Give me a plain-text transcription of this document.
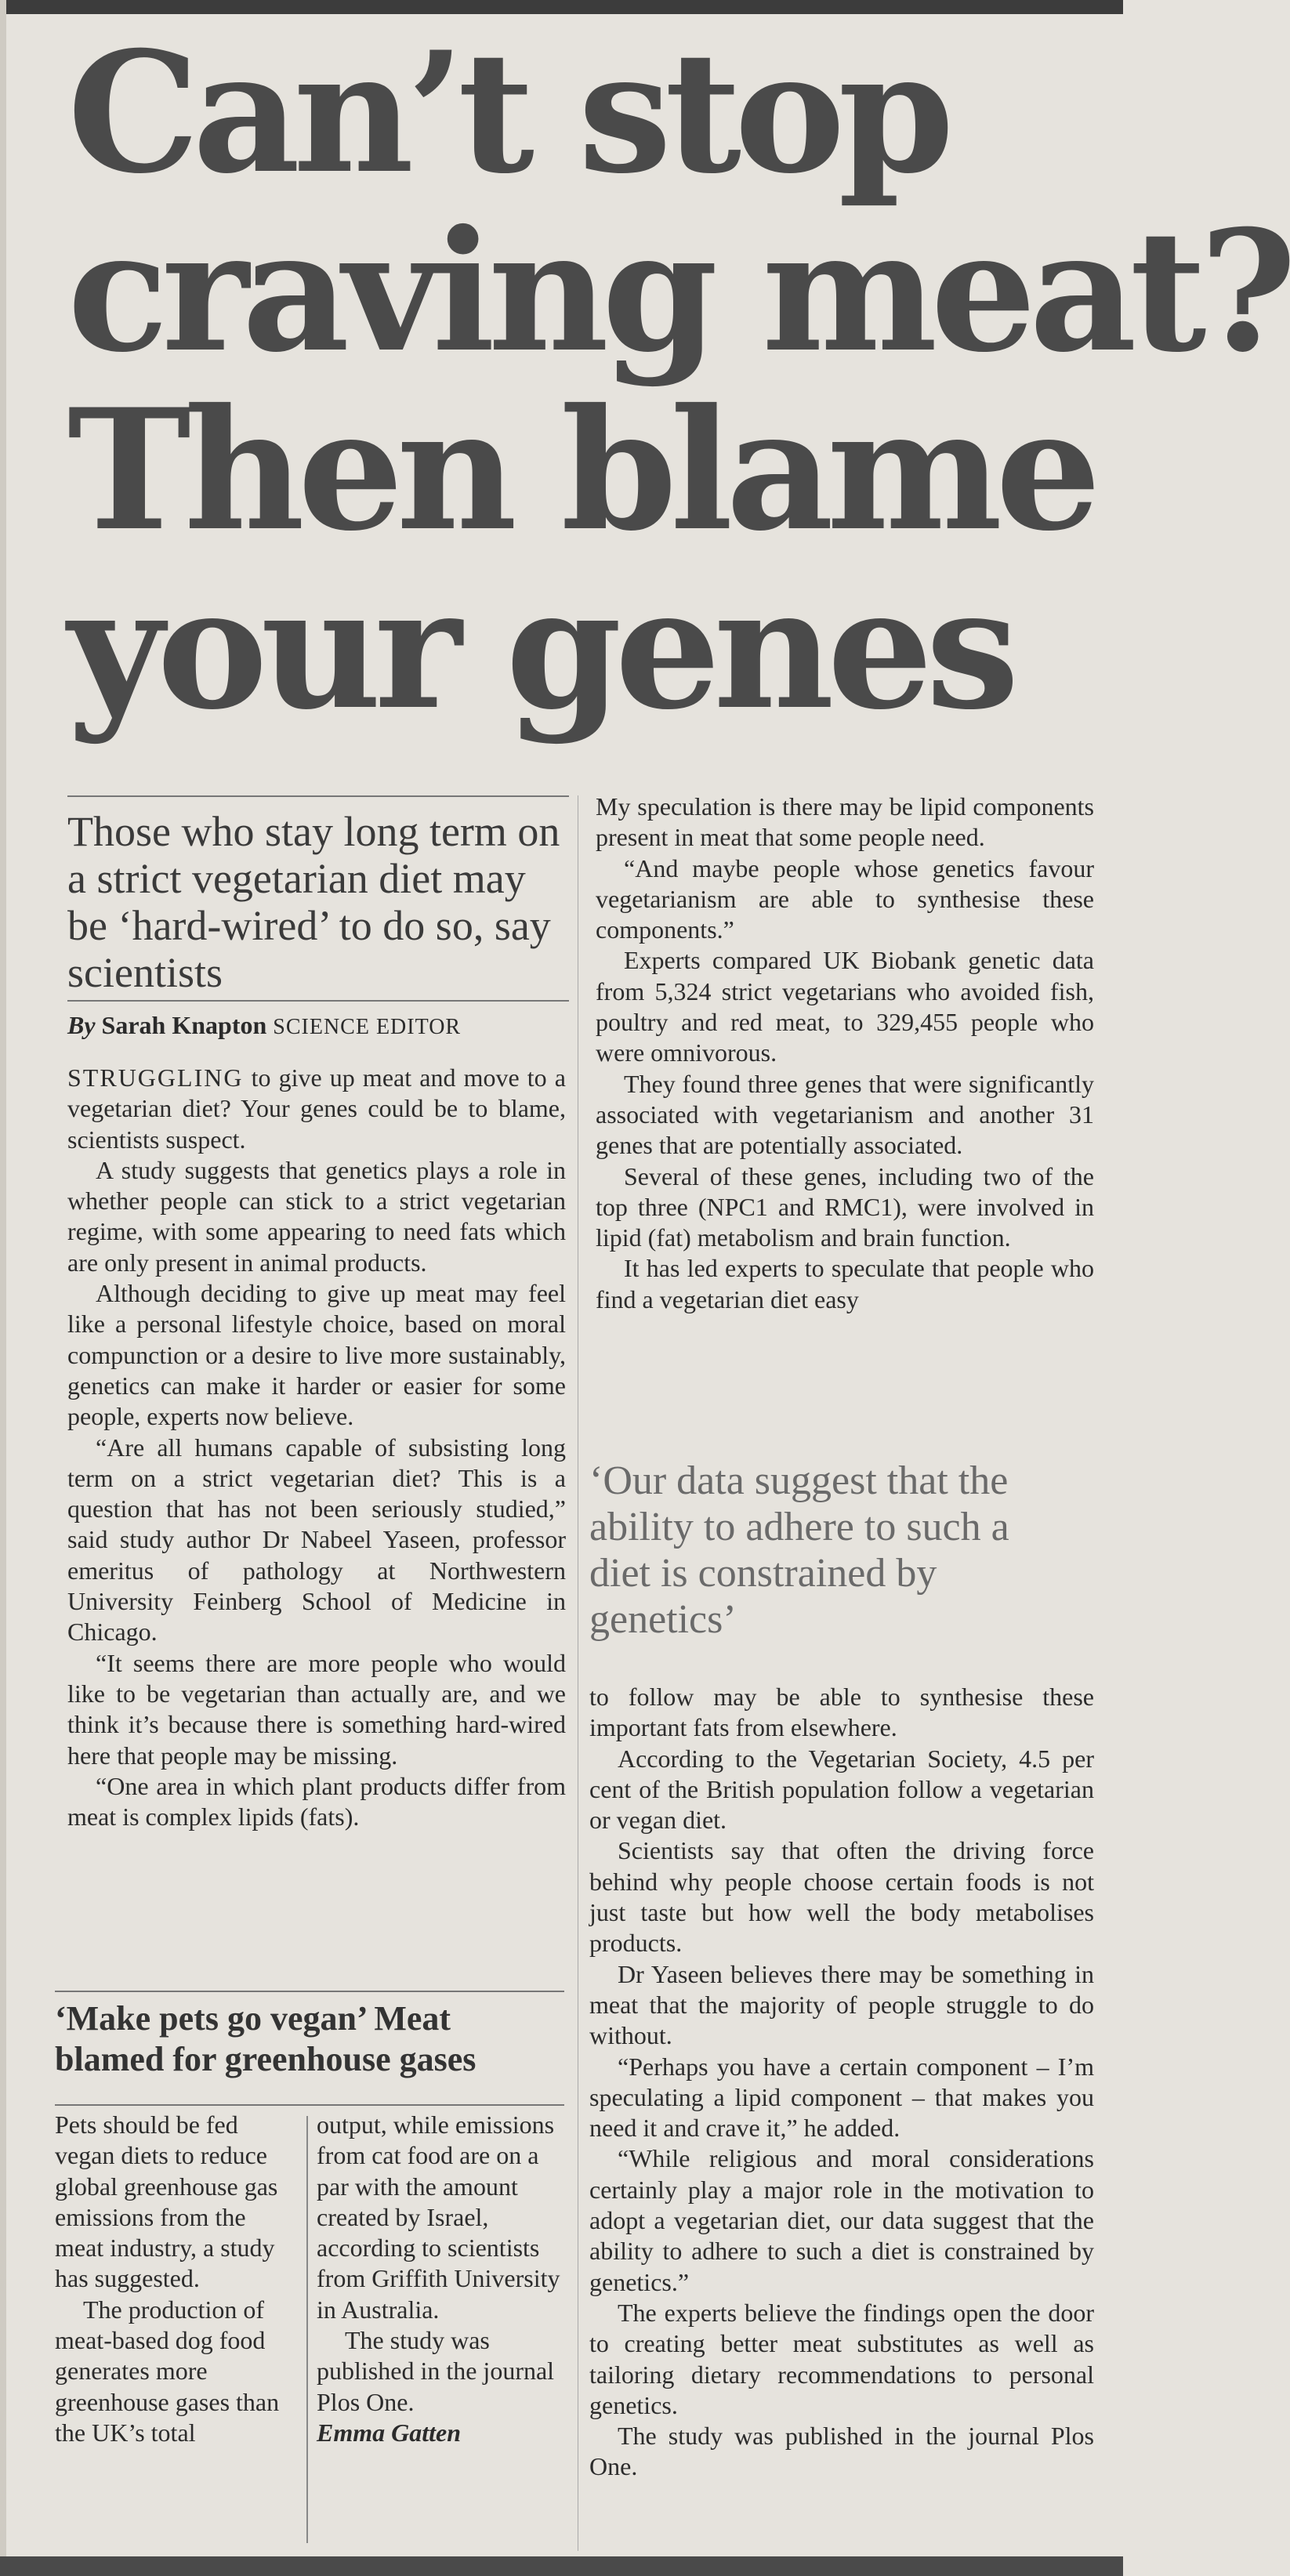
Can’t stop
craving meat?
Then blame
your genes

Those who stay long term on a strict vegetarian diet may be ‘hard-wired’ to do so, say scientists

By Sarah Knapton SCIENCE EDITOR

STRUGGLING to give up meat and move to a vegetarian diet? Your genes could be to blame, scientists suspect.

A study suggests that genetics plays a role in whether people can stick to a strict vegetarian regime, with some appearing to need fats which are only present in animal products.

Although deciding to give up meat may feel like a personal lifestyle choice, based on moral compunction or a desire to live more sustainably, genetics can make it harder or easier for some people, experts now believe.

“Are all humans capable of subsisting long term on a strict vegetarian diet? This is a question that has not been seriously studied,” said study author Dr Nabeel Yaseen, professor emeritus of pathology at Northwestern University Feinberg School of Medicine in Chicago.

“It seems there are more people who would like to be vegetarian than actually are, and we think it’s because there is something hard-wired here that people may be missing.

“One area in which plant products differ from meat is complex lipids (fats).

My speculation is there may be lipid components present in meat that some people need.

“And maybe people whose genetics favour vegetarianism are able to synthesise these components.”

Experts compared UK Biobank genetic data from 5,324 strict vegetarians who avoided fish, poultry and red meat, to 329,455 people who were omnivorous.

They found three genes that were significantly associated with vegetarianism and another 31 genes that are potentially associated.

Several of these genes, including two of the top three (NPC1 and RMC1), were involved in lipid (fat) metabolism and brain function.

It has led experts to speculate that people who find a vegetarian diet easy

‘Our data suggest that the ability to adhere to such a diet is constrained by genetics’

to follow may be able to synthesise these important fats from elsewhere.

According to the Vegetarian Society, 4.5 per cent of the British population follow a vegetarian or vegan diet.

Scientists say that often the driving force behind why people choose certain foods is not just taste but how well the body metabolises products.

Dr Yaseen believes there may be something in meat that the majority of people struggle to do without.

“Perhaps you have a certain component – I’m speculating a lipid component – that makes you need it and crave it,” he added.

“While religious and moral considerations certainly play a major role in the motivation to adopt a vegetarian diet, our data suggest that the ability to adhere to such a diet is constrained by genetics.”

The experts believe the findings open the door to creating better meat substitutes as well as tailoring dietary recommendations to personal genetics.

The study was published in the journal Plos One.

‘Make pets go vegan’ Meat blamed for greenhouse gases

Pets should be fed vegan diets to reduce global greenhouse gas emissions from the meat industry, a study has suggested.

The production of meat-based dog food generates more greenhouse gases than the UK’s total

output, while emissions from cat food are on a par with the amount created by Israel, according to scientists from Griffith University in Australia.

The study was published in the journal Plos One.

Emma Gatten
